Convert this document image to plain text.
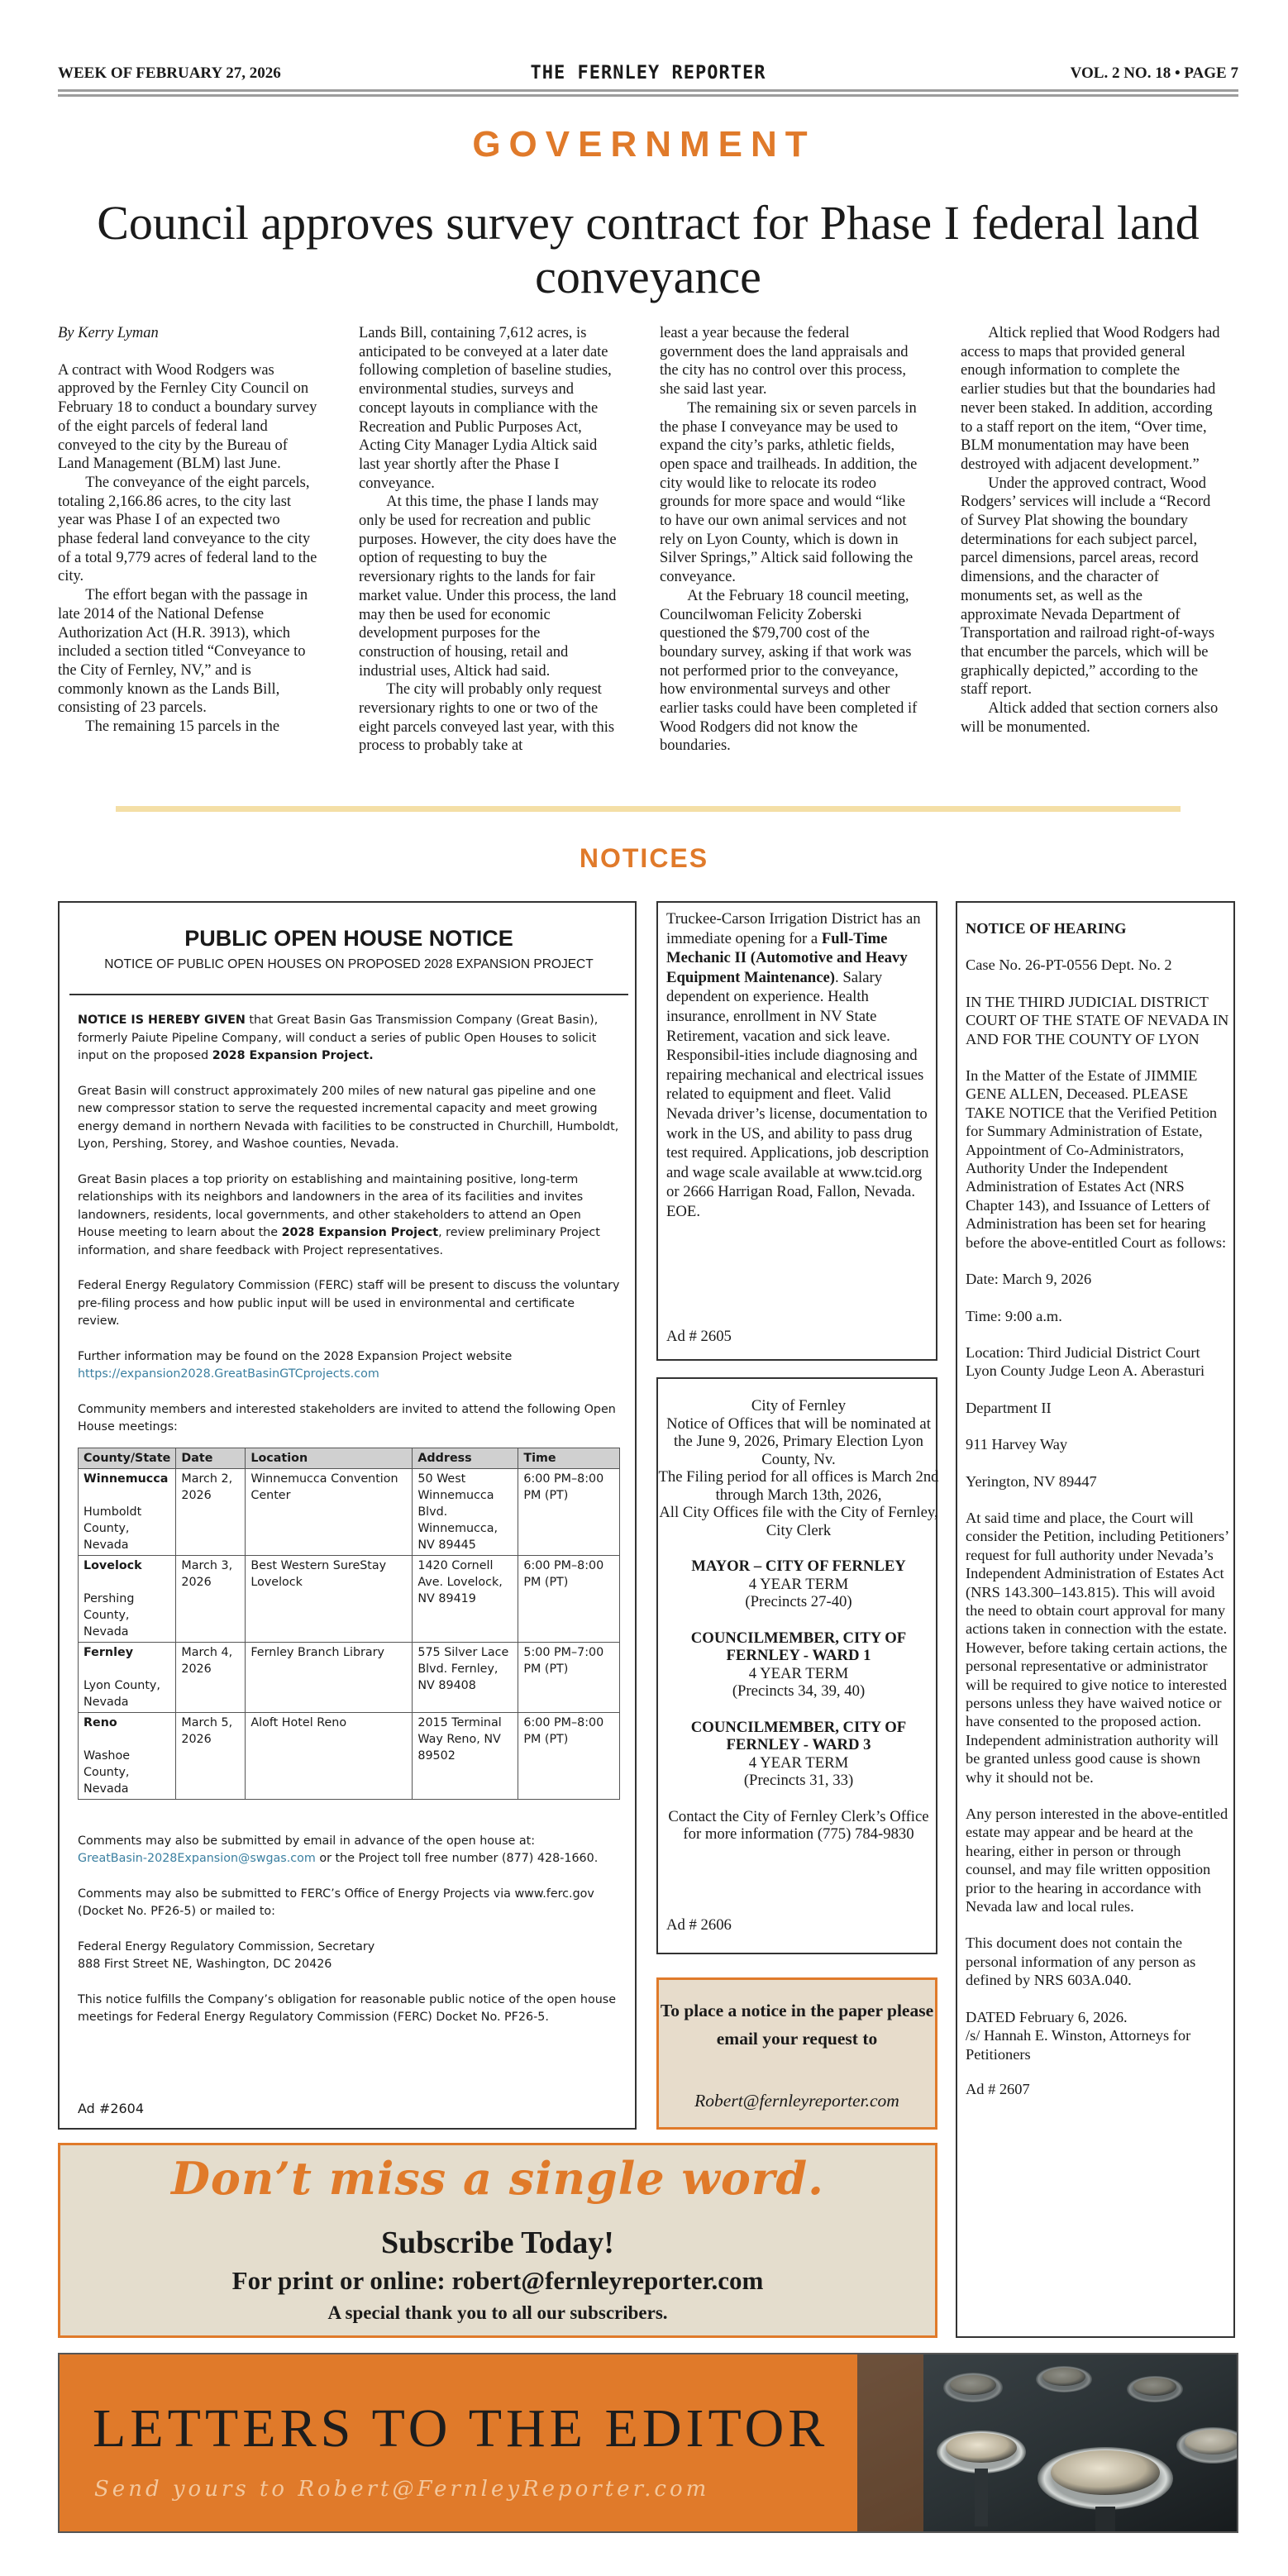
WEEK OF FEBRUARY 27, 2026	THE FERNLEY REPORTER	VOL. 2 NO. 18 • PAGE 7
GOVERNMENT
Council approves survey contract for Phase I federal land conveyance

By Kerry Lyman

A contract with Wood Rodgers was approved by the Fernley City Council on February 18 to conduct a boundary survey of the eight parcels of federal land conveyed to the city by the Bureau of Land Management (BLM) last June.

The conveyance of the eight parcels, totaling 2,166.86 acres, to the city last year was Phase I of an expected two phase federal land conveyance to the city of a total 9,779 acres of federal land to the city.

The effort began with the passage in late 2014 of the National Defense Authorization Act (H.R. 3913), which included a section titled “Conveyance to the City of Fernley, NV,” and is commonly known as the Lands Bill, consisting of 23 parcels.

The remaining 15 parcels in the

Lands Bill, containing 7,612 acres, is anticipated to be conveyed at a later date following completion of baseline studies, environmental studies, surveys and concept layouts in compliance with the Recreation and Public Purposes Act, Acting City Manager Lydia Altick said last year shortly after the Phase I conveyance.

At this time, the phase I lands may only be used for recreation and public purposes. However, the city does have the option of requesting to buy the reversionary rights to the lands for fair market value. Under this process, the land may then be used for economic development purposes for the construction of housing, retail and industrial uses, Altick had said.

The city will probably only request reversionary rights to one or two of the eight parcels conveyed last year, with this process to probably take at

least a year because the federal government does the land appraisals and the city has no control over this process, she said last year.

The remaining six or seven parcels in the phase I conveyance may be used to expand the city’s parks, athletic fields, open space and trailheads. In addition, the city would like to relocate its rodeo grounds for more space and would “like to have our own animal services and not rely on Lyon County, which is down in Silver Springs,” Altick said following the conveyance.

At the February 18 council meeting, Councilwoman Felicity Zoberski questioned the $79,700 cost of the boundary survey, asking if that work was not performed prior to the conveyance, how environmental surveys and other earlier tasks could have been completed if Wood Rodgers did not know the boundaries.

Altick replied that Wood Rodgers had access to maps that provided general enough information to complete the earlier studies but that the boundaries had never been staked. In addition, according to a staff report on the item, “Over time, BLM monumentation may have been destroyed with adjacent development.”

Under the approved contract, Wood Rodgers’ services will include a “Record of Survey Plat showing the boundary determinations for each subject parcel, parcel dimensions, parcel areas, record dimensions, and the character of monuments set, as well as the approximate Nevada Department of Transportation and railroad right-of-ways that encumber the parcels, which will be graphically depicted,” according to the staff report.

Altick added that section corners also will be monumented.

NOTICES
PUBLIC OPEN HOUSE NOTICE
NOTICE OF PUBLIC OPEN HOUSES ON PROPOSED 2028 EXPANSION PROJECT

NOTICE IS HEREBY GIVEN that Great Basin Gas Transmission Company (Great Basin), formerly Paiute Pipeline Company, will conduct a series of public Open Houses to solicit input on the proposed 2028 Expansion Project.

Great Basin will construct approximately 200 miles of new natural gas pipeline and one new compressor station to serve the requested incremental capacity and meet growing energy demand in northern Nevada with facilities to be constructed in Churchill, Humboldt, Lyon, Pershing, Storey, and Washoe counties, Nevada.

Great Basin places a top priority on establishing and maintaining positive, long-term relationships with its neighbors and landowners in the area of its facilities and invites landowners, residents, local governments, and other stakeholders to attend an Open House meeting to learn about the 2028 Expansion Project, review preliminary Project information, and share feedback with Project representatives.

Federal Energy Regulatory Commission (FERC) staff will be present to discuss the voluntary pre-filing process and how public input will be used in environmental and certificate review.

Further information may be found on the 2028 Expansion Project website
https://expansion2028.GreatBasinGTCprojects.com

Community members and interested stakeholders are invited to attend the following Open House meetings:

County/State	Date	Location	Address	Time

Winnemucca
Humboldt County, Nevada	March 2, 2026	Winnemucca Convention Center	50 West Winnemucca Blvd. Winnemucca, NV 89445	6:00 PM–8:00 PM (PT)

Lovelock
Pershing County, Nevada	March 3, 2026	Best Western SureStay Lovelock	1420 Cornell Ave. Lovelock, NV 89419	6:00 PM–8:00 PM (PT)

Fernley
Lyon County, Nevada	March 4, 2026	Fernley Branch Library	575 Silver Lace Blvd. Fernley, NV 89408	5:00 PM–7:00 PM (PT)

Reno
Washoe County, Nevada	March 5, 2026	Aloft Hotel Reno	2015 Terminal Way Reno, NV 89502	6:00 PM–8:00 PM (PT)

Comments may also be submitted by email in advance of the open house at:
GreatBasin-2028Expansion@swgas.com or the Project toll free number (877) 428-1660.

Comments may also be submitted to FERC’s Office of Energy Projects via www.ferc.gov (Docket No. PF26-5) or mailed to:

Federal Energy Regulatory Commission, Secretary
888 First Street NE, Washington, DC 20426

This notice fulfills the Company’s obligation for reasonable public notice of the open house meetings for Federal Energy Regulatory Commission (FERC) Docket No. PF26-5.

Ad #2604
Truckee-Carson Irrigation District has an immediate opening for a Full-Time Mechanic II (Automotive and Heavy Equipment Maintenance). Salary dependent on experience. Health insurance, enrollment in NV State Retirement, vacation and sick leave. Responsibil-ities include diagnosing and repairing mechanical and electrical issues related to equipment and fleet. Valid Nevada driver’s license, documentation to work in the US, and ability to pass drug test required. Applications, job description and wage scale available at www.tcid.org or 2666 Harrigan Road, Fallon, Nevada. EOE.
Ad # 2605
City of Fernley
Notice of Offices that will be nominated at the June 9, 2026, Primary Election Lyon County, Nv.
The Filing period for all offices is March 2nd through March 13th, 2026,
All City Offices file with the City of Fernley, City Clerk
MAYOR – CITY OF FERNLEY
4 YEAR TERM
(Precincts 27-40)
COUNCILMEMBER, CITY OF FERNLEY - WARD 1
4 YEAR TERM
(Precincts 34, 39, 40)
COUNCILMEMBER, CITY OF FERNLEY - WARD 3
4 YEAR TERM
(Precincts 31, 33)
Contact the City of Fernley Clerk’s Office for more information (775) 784-9830
Ad # 2606
NOTICE OF HEARING

Case No. 26-PT-0556 Dept. No. 2

IN THE THIRD JUDICIAL DISTRICT COURT OF THE STATE OF NEVADA IN AND FOR THE COUNTY OF LYON

In the Matter of the Estate of JIMMIE GENE ALLEN, Deceased. PLEASE TAKE NOTICE that the Verified Petition for Summary Administration of Estate, Appointment of Co-Administrators, Authority Under the Independent Administration of Estates Act (NRS Chapter 143), and Issuance of Letters of Administration has been set for hearing before the above-entitled Court as follows:

Date: March 9, 2026

Time: 9:00 a.m.

Location: Third Judicial District Court Lyon County Judge Leon A. Aberasturi

Department II

911 Harvey Way

Yerington, NV 89447

At said time and place, the Court will consider the Petition, including Petitioners’ request for full authority under Nevada’s Independent Administration of Estates Act (NRS 143.300–143.815). This will avoid the need to obtain court approval for many actions taken in connection with the estate. However, before taking certain actions, the personal representative or administrator will be required to give notice to interested persons unless they have waived notice or have consented to the proposed action. Independent administration authority will be granted unless good cause is shown why it should not be.

Any person interested in the above-entitled estate may appear and be heard at the hearing, either in person or through counsel, and may file written opposition prior to the hearing in accordance with Nevada law and local rules.

This document does not contain the personal information of any person as defined by NRS 603A.040.

DATED February 6, 2026.
/s/ Hannah E. Winston, Attorneys for Petitioners
Ad # 2607
To place a notice in the paper please email your request to
Robert@fernleyreporter.com
Don’t miss a single word.
Subscribe Today!
For print or online: robert@fernleyreporter.com
A special thank you to all our subscribers.
LETTERS TO THE EDITOR
Send yours to Robert@FernleyReporter.com
